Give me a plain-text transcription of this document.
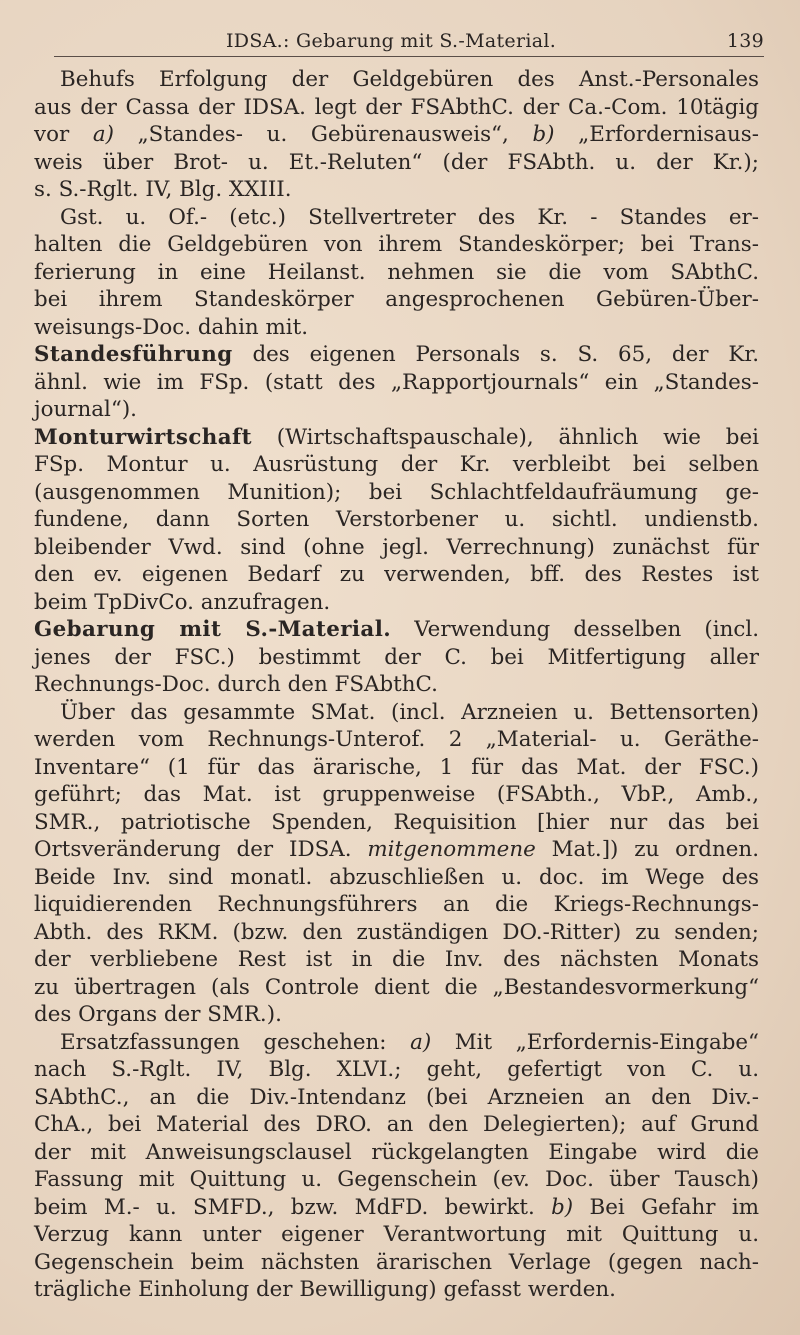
IDSA.: Gebarung mit S.-Material.	139
Behufs Erfolgung der Geldgebüren des Anst.-Personales
aus der Cassa der IDSA. legt der FSAbthC. der Ca.-Com. 10tägig
vor a) „Standes- u. Gebürenausweis“, b) „Erfordernisaus-
weis über Brot- u. Et.-Reluten“ (der FSAbth. u. der Kr.);
s. S.-Rglt. IV, Blg. XXIII.
Gst. u. Of.- (etc.) Stellvertreter des Kr. - Standes er-
halten die Geldgebüren von ihrem Standeskörper; bei Trans-
ferierung in eine Heilanst. nehmen sie die vom SAbthC.
bei ihrem Standeskörper angesprochenen Gebüren-Über-
weisungs-Doc. dahin mit.
Standesführung des eigenen Personals s. S. 65, der Kr.
ähnl. wie im FSp. (statt des „Rapportjournals“ ein „Standes-
journal“).
Monturwirtschaft (Wirtschaftspauschale), ähnlich wie bei
FSp. Montur u. Ausrüstung der Kr. verbleibt bei selben
(ausgenommen Munition); bei Schlachtfeldaufräumung ge-
fundene, dann Sorten Verstorbener u. sichtl. undienstb.
bleibender Vwd. sind (ohne jegl. Verrechnung) zunächst für
den ev. eigenen Bedarf zu verwenden, bff. des Restes ist
beim TpDivCo. anzufragen.
Gebarung mit S.-Material. Verwendung desselben (incl.
jenes der FSC.) bestimmt der C. bei Mitfertigung aller
Rechnungs-Doc. durch den FSAbthC.
Über das gesammte SMat. (incl. Arzneien u. Bettensorten)
werden vom Rechnungs-Unterof. 2 „Material- u. Geräthe-
Inventare“ (1 für das ärarische, 1 für das Mat. der FSC.)
geführt; das Mat. ist gruppenweise (FSAbth., VbP., Amb.,
SMR., patriotische Spenden, Requisition [hier nur das bei
Ortsveränderung der IDSA. mitgenommene Mat.]) zu ordnen.
Beide Inv. sind monatl. abzuschließen u. doc. im Wege des
liquidierenden Rechnungsführers an die Kriegs-Rechnungs-
Abth. des RKM. (bzw. den zuständigen DO.-Ritter) zu senden;
der verbliebene Rest ist in die Inv. des nächsten Monats
zu übertragen (als Controle dient die „Bestandesvormerkung“
des Organs der SMR.).
Ersatzfassungen geschehen: a) Mit „Erfordernis-Eingabe“
nach S.-Rglt. IV, Blg. XLVI.; geht, gefertigt von C. u.
SAbthC., an die Div.-Intendanz (bei Arzneien an den Div.-
ChA., bei Material des DRO. an den Delegierten); auf Grund
der mit Anweisungsclausel rückgelangten Eingabe wird die
Fassung mit Quittung u. Gegenschein (ev. Doc. über Tausch)
beim M.- u. SMFD., bzw. MdFD. bewirkt. b) Bei Gefahr im
Verzug kann unter eigener Verantwortung mit Quittung u.
Gegenschein beim nächsten ärarischen Verlage (gegen nach-
trägliche Einholung der Bewilligung) gefasst werden.
